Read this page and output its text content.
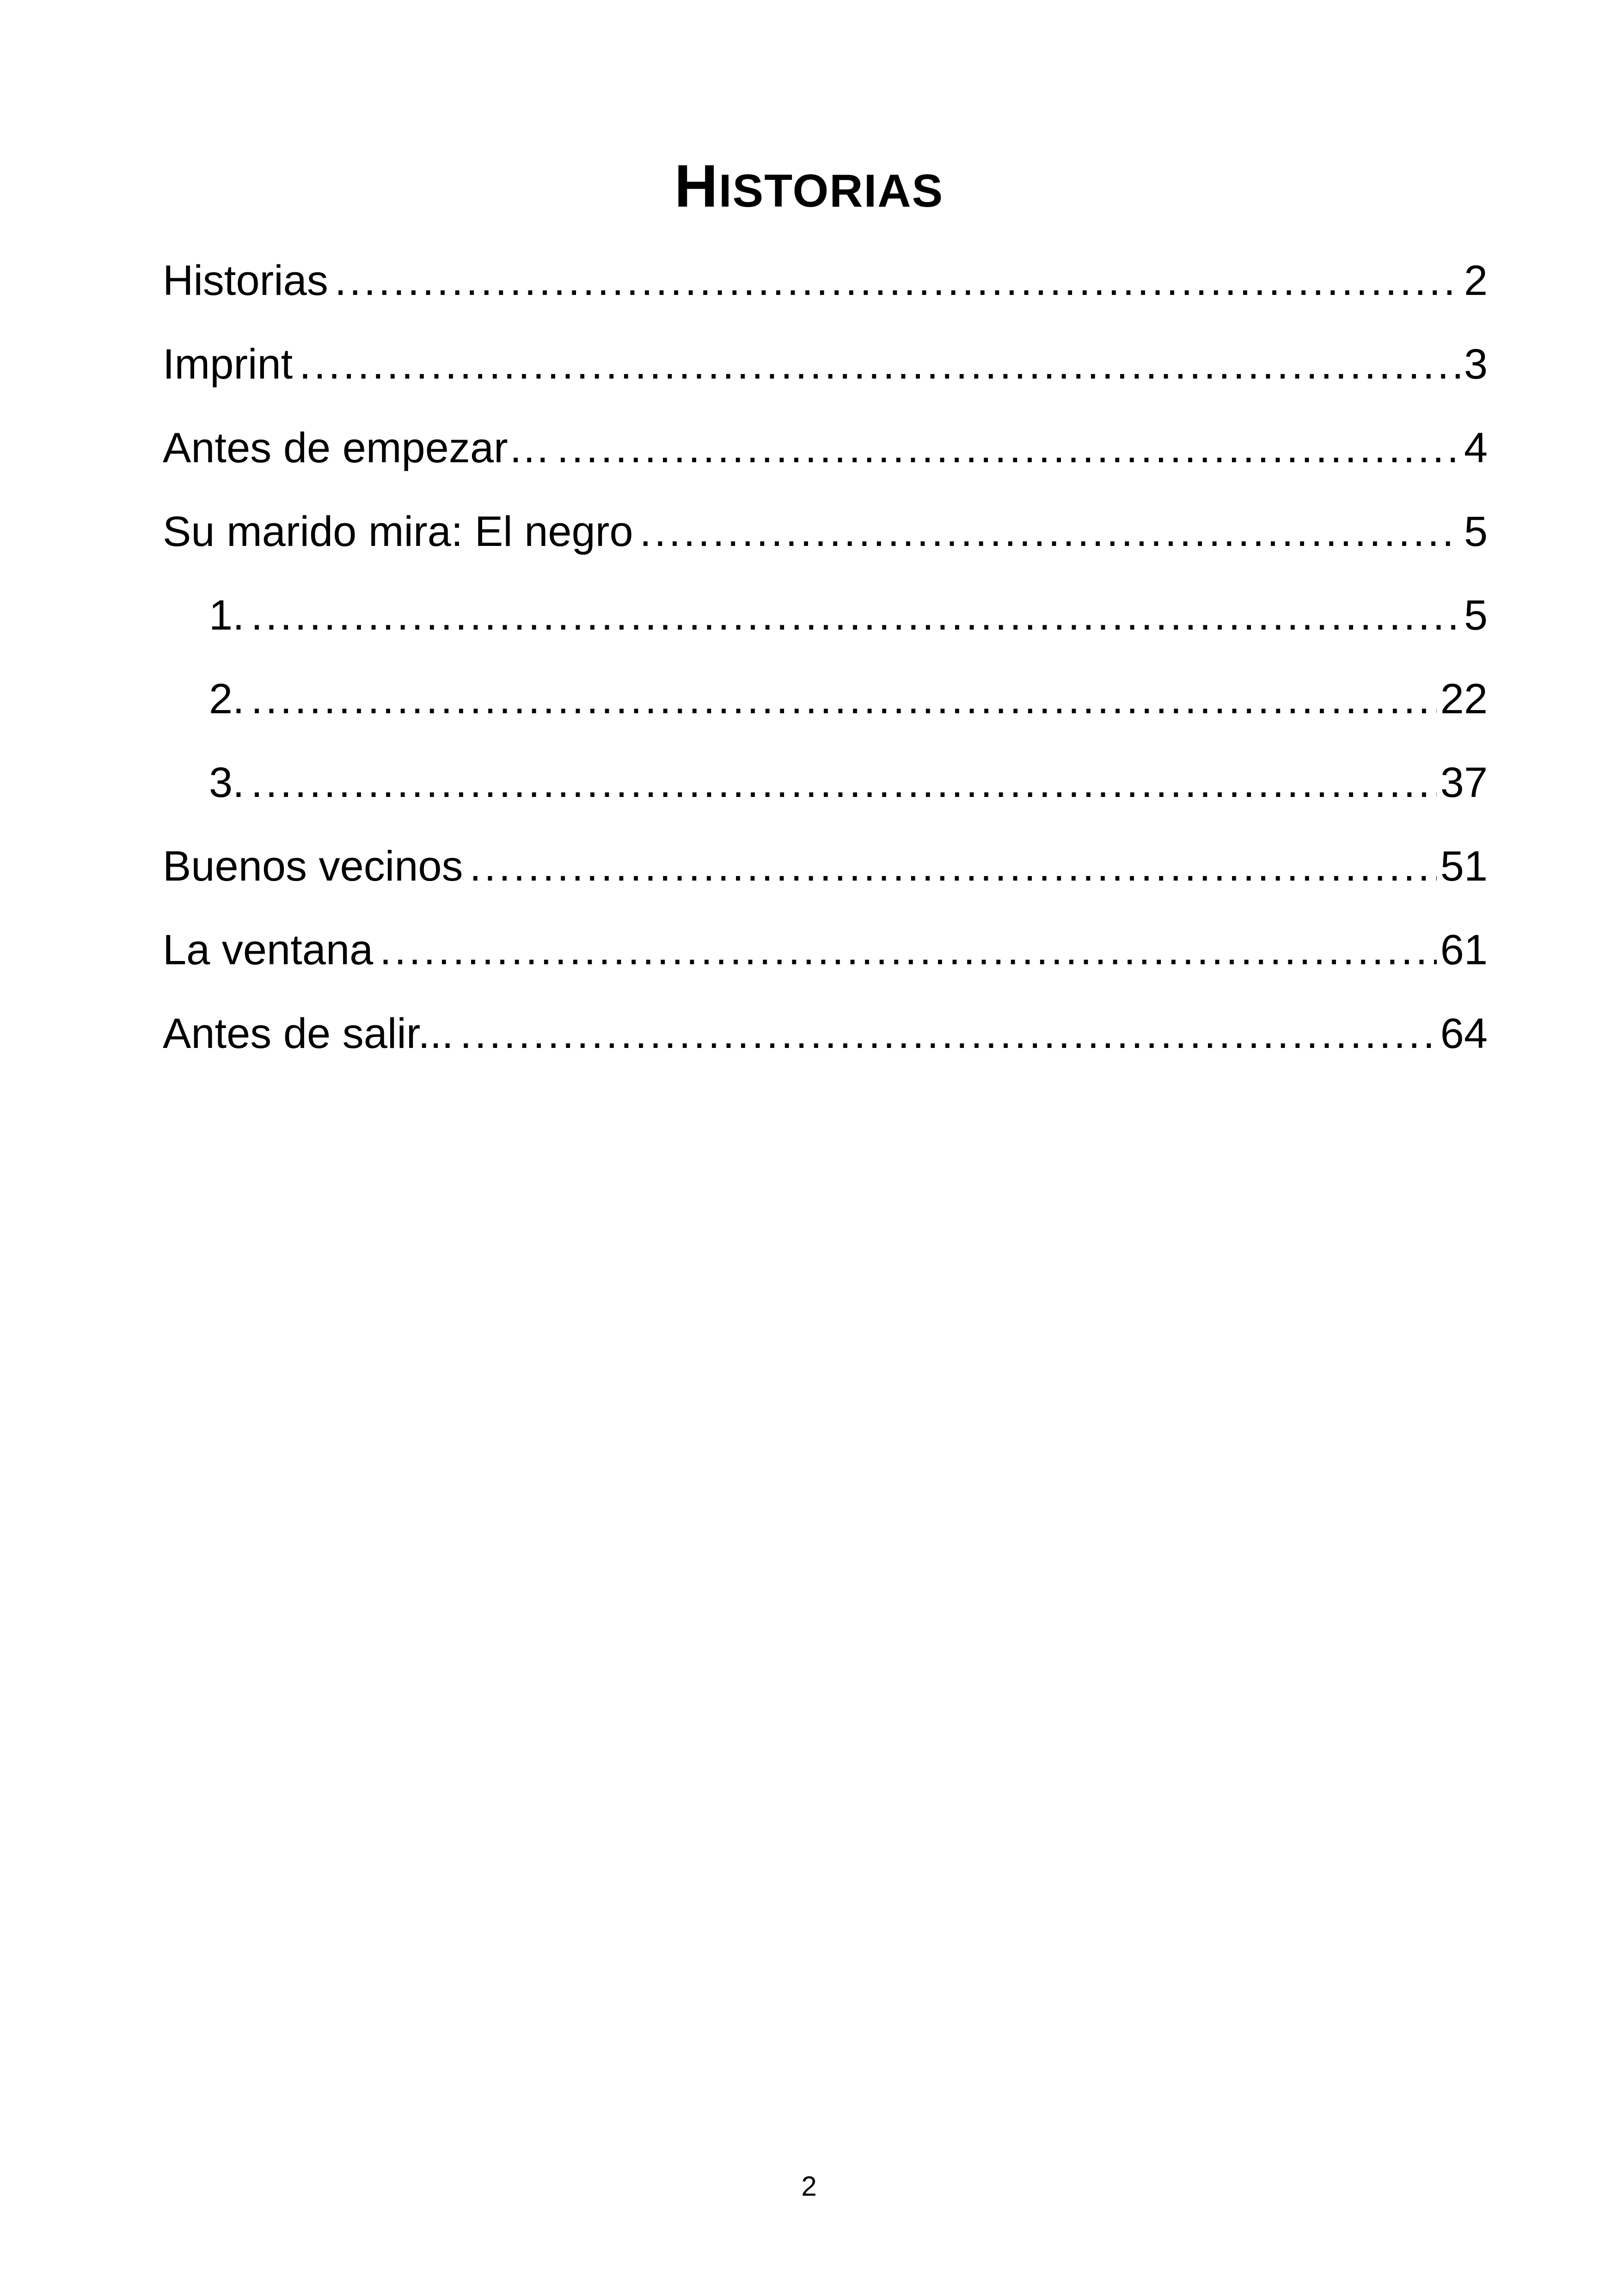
HISTORIAS
Historias .....	2
Imprint .....	3
Antes de empezar… .....	4
Su marido mira: El negro .....	5
1. .....	5
2. .....	22
3. .....	37
Buenos vecinos .....	51
La ventana .....	61
Antes de salir... .....	64
2
